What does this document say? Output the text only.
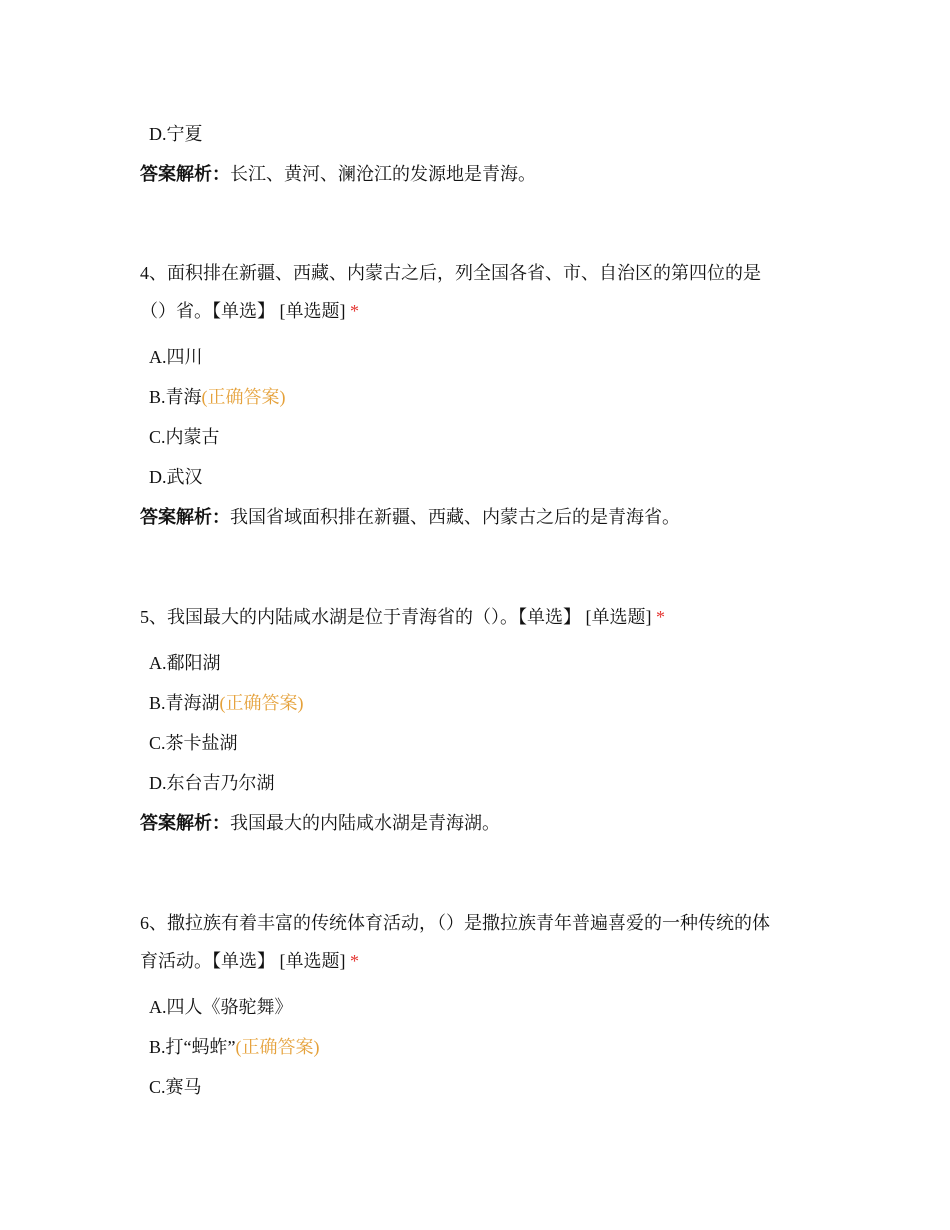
D.宁夏
答案解析：长江、黄河、澜沧江的发源地是青海。
4、面积排在新疆、西藏、内蒙古之后，列全国各省、市、自治区的第四位的是
（）省。【单选】 [单选题] *
A.四川
B.青海(正确答案)
C.内蒙古
D.武汉
答案解析：我国省域面积排在新疆、西藏、内蒙古之后的是青海省。
5、我国最大的内陆咸水湖是位于青海省的（）。【单选】 [单选题] *
A.鄱阳湖
B.青海湖(正确答案)
C.茶卡盐湖
D.东台吉乃尔湖
答案解析：我国最大的内陆咸水湖是青海湖。
6、撒拉族有着丰富的传统体育活动，（）是撒拉族青年普遍喜爱的一种传统的体
育活动。【单选】 [单选题] *
A.四人《骆驼舞》
B.打“蚂蚱”(正确答案)
C.赛马
